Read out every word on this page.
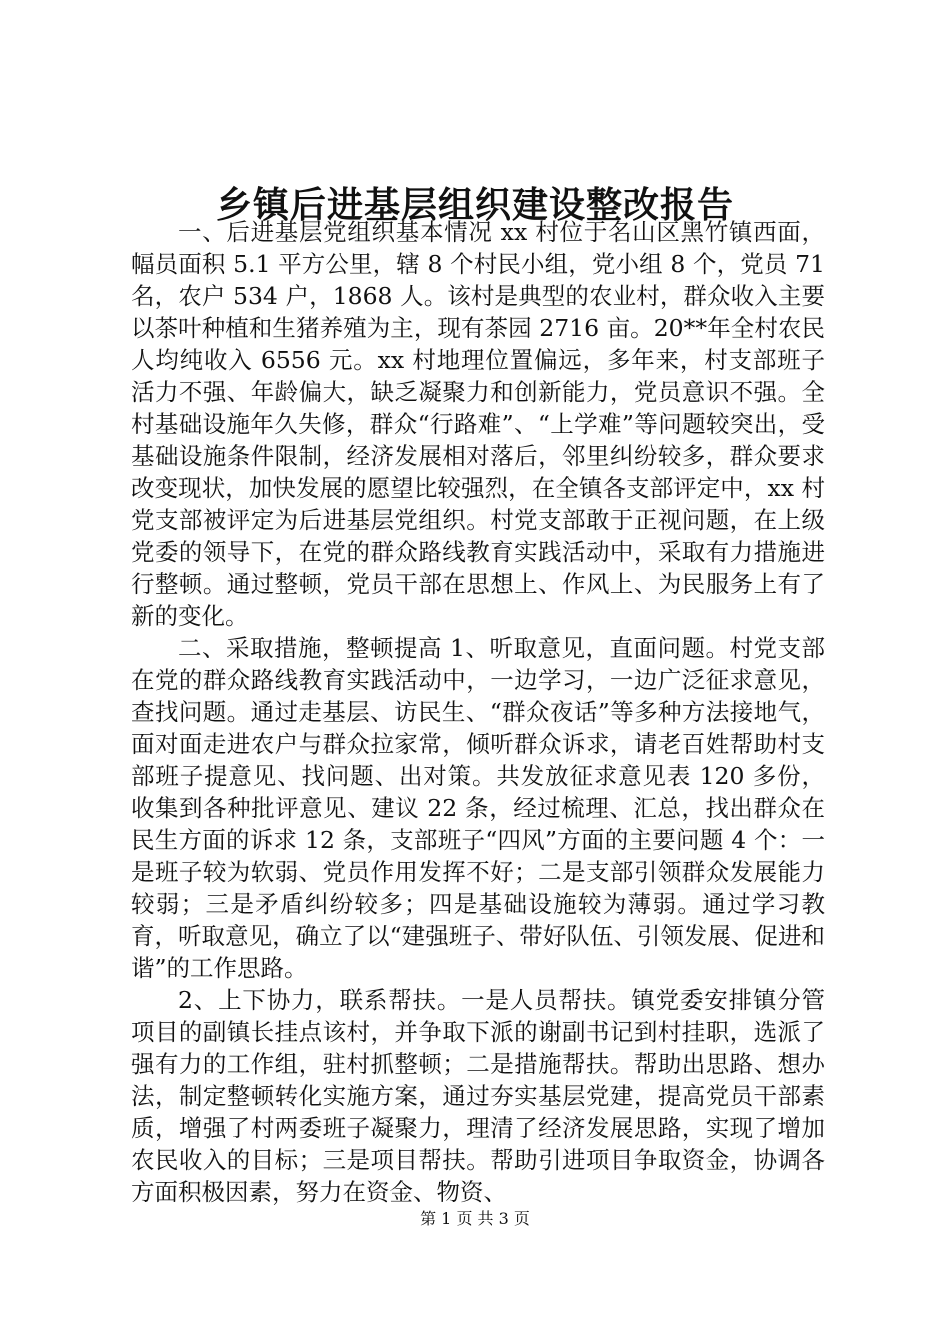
乡镇后进基层组织建设整改报告

一、后进基层党组织基本情况 xx 村位于名山区黑竹镇西面，幅员面积 5.1 平方公里，辖 8 个村民小组，党小组 8 个，党员 71 名，农户 534 户，1868 人。该村是典型的农业村，群众收入主要以茶叶种植和生猪养殖为主，现有茶园 2716 亩。20**年全村农民人均纯收入 6556 元。xx 村地理位置偏远，多年来，村支部班子活力不强、年龄偏大，缺乏凝聚力和创新能力，党员意识不强。全村基础设施年久失修，群众“行路难”、“上学难”等问题较突出，受基础设施条件限制，经济发展相对落后，邻里纠纷较多，群众要求改变现状，加快发展的愿望比较强烈，在全镇各支部评定中，xx 村党支部被评定为后进基层党组织。村党支部敢于正视问题，在上级党委的领导下，在党的群众路线教育实践活动中，采取有力措施进行整顿。通过整顿，党员干部在思想上、作风上、为民服务上有了新的变化。

二、采取措施，整顿提高 1、听取意见，直面问题。村党支部在党的群众路线教育实践活动中，一边学习，一边广泛征求意见，查找问题。通过走基层、访民生、“群众夜话”等多种方法接地气，面对面走进农户与群众拉家常，倾听群众诉求，请老百姓帮助村支部班子提意见、找问题、出对策。共发放征求意见表 120 多份，收集到各种批评意见、建议 22 条，经过梳理、汇总，找出群众在民生方面的诉求 12 条，支部班子“四风”方面的主要问题 4 个：一是班子较为软弱、党员作用发挥不好；二是支部引领群众发展能力较弱；三是矛盾纠纷较多；四是基础设施较为薄弱。通过学习教育，听取意见，确立了以“建强班子、带好队伍、引领发展、促进和谐”的工作思路。

2、上下协力，联系帮扶。一是人员帮扶。镇党委安排镇分管项目的副镇长挂点该村，并争取下派的谢副书记到村挂职，选派了强有力的工作组，驻村抓整顿；二是措施帮扶。帮助出思路、想办法，制定整顿转化实施方案，通过夯实基层党建，提高党员干部素质，增强了村两委班子凝聚力，理清了经济发展思路，实现了增加农民收入的目标；三是项目帮扶。帮助引进项目争取资金，协调各方面积极因素，努力在资金、物资、

第 1 页 共 3 页
